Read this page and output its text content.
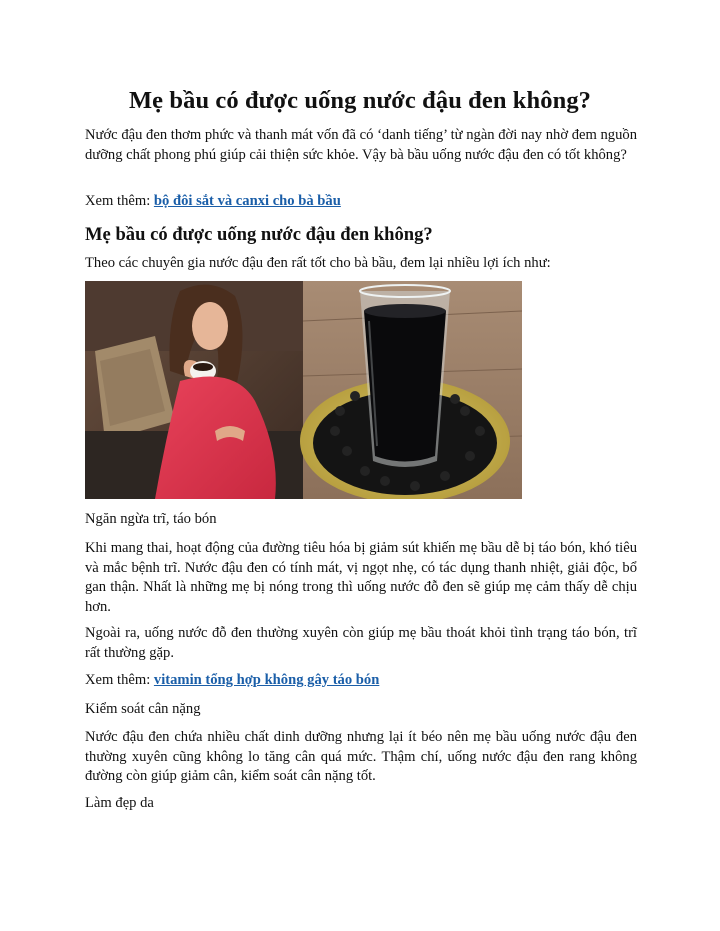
Mẹ bầu có được uống nước đậu đen không?

Nước đậu đen thơm phức và thanh mát vốn đã có ‘danh tiếng’ từ ngàn đời nay nhờ đem nguồn dưỡng chất phong phú giúp cải thiện sức khỏe. Vậy bà bầu uống nước đậu đen có tốt không?

Xem thêm: bộ đôi sắt và canxi cho bà bầu

Mẹ bầu có được uống nước đậu đen không?

Theo các chuyên gia nước đậu đen rất tốt cho bà bầu, đem lại nhiều lợi ích như:

Ngăn ngừa trĩ, táo bón

Khi mang thai, hoạt động của đường tiêu hóa bị giảm sút khiến mẹ bầu dễ bị táo bón, khó tiêu và mắc bệnh trĩ. Nước đậu đen có tính mát, vị ngọt nhẹ, có tác dụng thanh nhiệt, giải độc, bổ gan thận. Nhất là những mẹ bị nóng trong thì uống nước đỗ đen sẽ giúp mẹ cảm thấy dễ chịu hơn.

Ngoài ra, uống nước đỗ đen thường xuyên còn giúp mẹ bầu thoát khỏi tình trạng táo bón, trĩ rất thường gặp.

Xem thêm: vitamin tổng hợp không gây táo bón

Kiểm soát cân nặng

Nước đậu đen chứa nhiều chất dinh dưỡng nhưng lại ít béo nên mẹ bầu uống nước đậu đen thường xuyên cũng không lo tăng cân quá mức. Thậm chí, uống nước đậu đen rang không đường còn giúp giảm cân, kiểm soát cân nặng tốt.

Làm đẹp da
